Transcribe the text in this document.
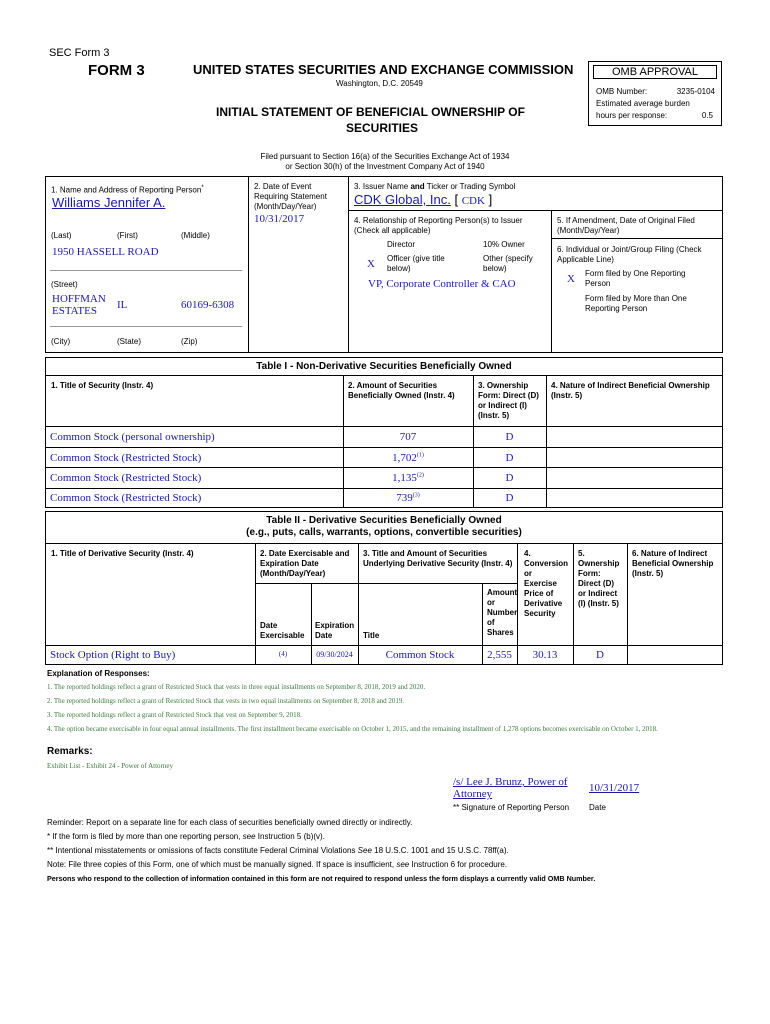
SEC Form 3
FORM 3	UNITED STATES SECURITIES AND EXCHANGE COMMISSION
Washington, D.C. 20549
INITIAL STATEMENT OF BENEFICIAL OWNERSHIP OF
SECURITIES
OMB APPROVAL
OMB Number:	3235-0104
Estimated average burden
hours per response:	0.5
Filed pursuant to Section 16(a) of the Securities Exchange Act of 1934
or Section 30(h) of the Investment Company Act of 1940
1. Name and Address of Reporting Person*
Williams Jennifer A.
(Last)	(First)	(Middle)
1950 HASSELL ROAD
(Street)
HOFFMAN
ESTATES	IL	60169-6308
(City)	(State)	(Zip)
2. Date of Event
Requiring Statement
(Month/Day/Year)
10/31/2017
3. Issuer Name and Ticker or Trading Symbol
CDK Global, Inc. [ CDK ]
4. Relationship of Reporting Person(s) to Issuer
(Check all applicable)
Director	10% Owner
X Officer (give title
below)
Other (specify
below)
VP, Corporate Controller & CAO
5. If Amendment, Date of Original Filed
(Month/Day/Year)
6. Individual or Joint/Group Filing (Check
Applicable Line)
X Form filed by One Reporting
Person
Form filed by More than One
Reporting Person
Table I - Non-Derivative Securities Beneficially Owned
1. Title of Security (Instr. 4)	2. Amount of Securities
Beneficially Owned (Instr. 4)
3. Ownership
Form: Direct (D)
or Indirect (I)
(Instr. 5)
4. Nature of Indirect Beneficial Ownership
(Instr. 5)
Common Stock (personal ownership)	707	D
Common Stock (Restricted Stock)	1,702$^{(1)}$	D
Common Stock (Restricted Stock)	1,135$^{(2)}$	D
Common Stock (Restricted Stock)	739$^{(3)}$	D
Table II - Derivative Securities Beneficially Owned
(e.g., puts, calls, warrants, options, convertible securities)
1. Title of Derivative Security (Instr. 4)	2. Date Exercisable and
Expiration Date
(Month/Day/Year)
3. Title and Amount of Securities
Underlying Derivative Security (Instr. 4)
4.
Conversion
or
Exercise
Price of
Derivative
Security
5.
Ownership
Form:
Direct (D)
or Indirect
(I) (Instr. 5)
6. Nature of Indirect
Beneficial Ownership
(Instr. 5)
Date
Exercisable
Expiration
Date	Title
Amount
or
Number
of
Shares
Stock Option (Right to Buy)	(4)	09/30/2024	Common Stock	2,555	30.13	D
Explanation of Responses:
1. The reported holdings reflect a grant of Restricted Stock that vests in three equal installments on September 8, 2018, 2019 and 2020.
2. The reported holdings reflect a grant of Restricted Stock that vests in two equal installments on September 8, 2018 and 2019.
3. The reported holdings reflect a grant of Restricted Stock that vest on September 9, 2018.
4. The option became exercisable in four equal annual installments. The first installment became exercisable on October 1, 2015, and the remaining installment of 1,278 options becomes exercisable on October 1, 2018.
Remarks:
Exhibit List - Exhibit 24 - Power of Attorney
/s/ Lee J. Brunz, Power of
Attorney	10/31/2017
** Signature of Reporting Person Date
Reminder: Report on a separate line for each class of securities beneficially owned directly or indirectly.
* If the form is filed by more than one reporting person, see Instruction 5 (b)(v).
** Intentional misstatements or omissions of facts constitute Federal Criminal Violations See 18 U.S.C. 1001 and 15 U.S.C. 78ff(a).
Note: File three copies of this Form, one of which must be manually signed. If space is insufficient, see Instruction 6 for procedure.
Persons who respond to the collection of information contained in this form are not required to respond unless the form displays a currently valid OMB Number.
